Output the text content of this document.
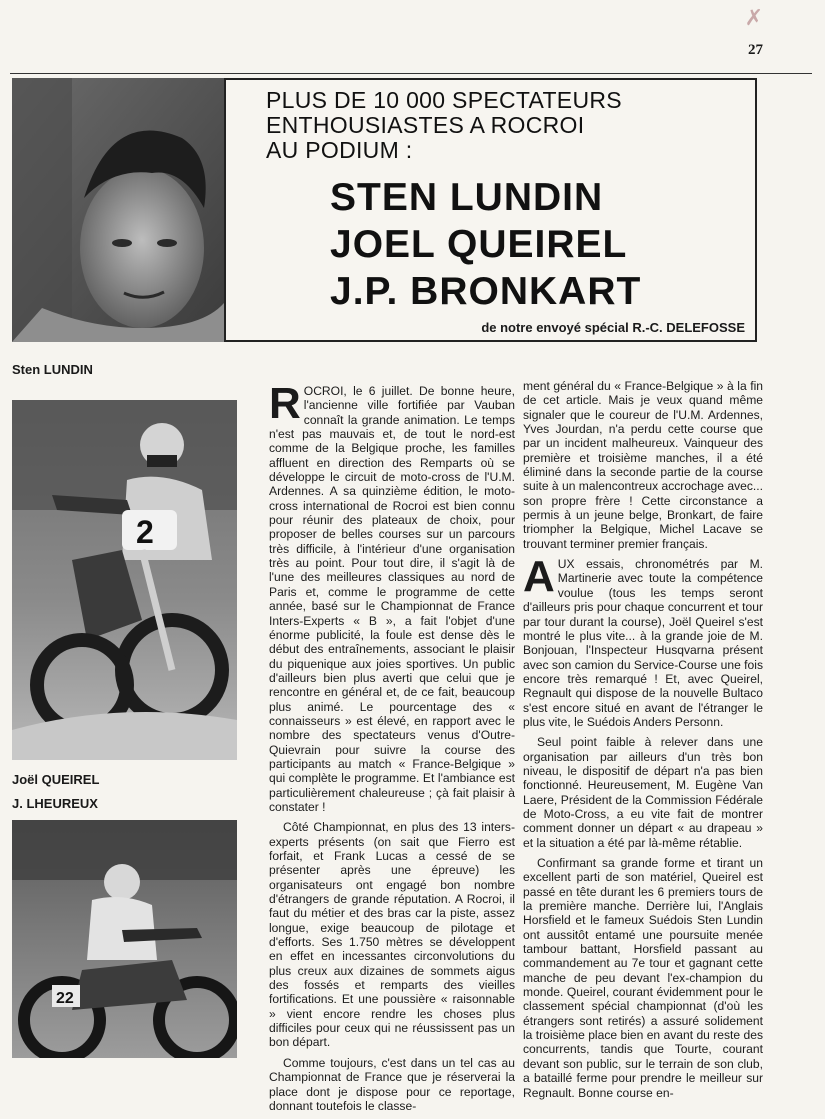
✗
27
PLUS DE 10 000 SPECTATEURS
ENTHOUSIASTES A ROCROI
AU PODIUM :
STEN LUNDIN
JOEL QUEIREL
J.P. BRONKART
de notre envoyé spécial R.-C. DELEFOSSE
Sten LUNDIN
2
Joël QUEIREL
J. LHEUREUX
22

ROCROI, le 6 juillet. De bonne heure, l'ancienne ville fortifiée par Vauban connaît la grande animation. Le temps n'est pas mauvais et, de tout le nord-est comme de la Belgique proche, les familles affluent en direction des Remparts où se développe le circuit de moto-cross de l'U.M. Ardennes. A sa quinzième édition, le moto-cross international de Rocroi est bien connu pour réunir des plateaux de choix, pour proposer de belles courses sur un parcours très difficile, à l'intérieur d'une organisation très au point. Pour tout dire, il s'agit là de l'une des meilleures classiques au nord de Paris et, comme le programme de cette année, basé sur le Championnat de France Inters-Experts « B », a fait l'objet d'une énorme publicité, la foule est dense dès le début des entraînements, associant le plaisir du piquenique aux joies sportives. Un public d'ailleurs bien plus averti que celui que je rencontre en général et, de ce fait, beaucoup plus animé. Le pourcentage des « connaisseurs » est élevé, en rapport avec le nombre des spectateurs venus d'Outre-Quievrain pour suivre la course des participants au match « France-Belgique » qui complète le programme. Et l'ambiance est particulièrement chaleureuse ; çà fait plaisir à constater !

Côté Championnat, en plus des 13 inters-experts présents (on sait que Fierro est forfait, et Frank Lucas a cessé de se présenter après une épreuve) les organisateurs ont engagé bon nombre d'étrangers de grande réputation. A Rocroi, il faut du métier et des bras car la piste, assez longue, exige beaucoup de pilotage et d'efforts. Ses 1.750 mètres se développent en effet en incessantes circonvolutions du plus creux aux dizaines de sommets aigus des fossés et remparts des vieilles fortifications. Et une poussière « raisonnable » vient encore rendre les choses plus difficiles pour ceux qui ne réussissent pas un bon départ.

Comme toujours, c'est dans un tel cas au Championnat de France que je réserverai la place dont je dispose pour ce reportage, donnant toutefois le classe-

ment général du « France-Belgique » à la fin de cet article. Mais je veux quand même signaler que le coureur de l'U.M. Ardennes, Yves Jourdan, n'a perdu cette course que par un incident malheureux. Vainqueur des première et troisième manches, il a été éliminé dans la seconde partie de la course suite à un malencontreux accrochage avec... son propre frère ! Cette circonstance a permis à un jeune belge, Bronkart, de faire triompher la Belgique, Michel Lacave se trouvant terminer premier français.

AUX essais, chronométrés par M. Martinerie avec toute la compétence voulue (tous les temps seront d'ailleurs pris pour chaque concurrent et tour par tour durant la course), Joël Queirel s'est montré le plus vite... à la grande joie de M. Bonjouan, l'Inspecteur Husqvarna présent avec son camion du Service-Course une fois encore très remarqué ! Et, avec Queirel, Regnault qui dispose de la nouvelle Bultaco s'est encore situé en avant de l'étranger le plus vite, le Suédois Anders Personn.

Seul point faible à relever dans une organisation par ailleurs d'un très bon niveau, le dispositif de départ n'a pas bien fonctionné. Heureusement, M. Eugène Van Laere, Président de la Commission Fédérale de Moto-Cross, a eu vite fait de montrer comment donner un départ « au drapeau » et la situation a été par là-même rétablie.

Confirmant sa grande forme et tirant un excellent parti de son matériel, Queirel est passé en tête durant les 6 premiers tours de la première manche. Derrière lui, l'Anglais Horsfield et le fameux Suédois Sten Lundin ont aussitôt entamé une poursuite menée tambour battant, Horsfield passant au commandement au 7e tour et gagnant cette manche de peu devant l'ex-champion du monde. Queirel, courant évidemment pour le classement spécial championnat (d'où les étrangers sont retirés) a assuré solidement la troisième place bien en avant du reste des concurrents, tandis que Tourte, courant devant son public, sur le terrain de son club, a bataillé ferme pour prendre le meilleur sur Regnault. Bonne course en-
